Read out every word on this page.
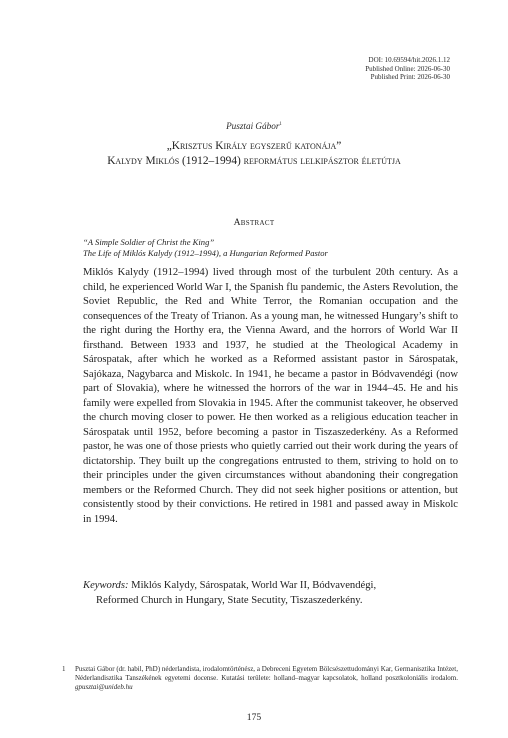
DOI: 10.69594/hit.2026.1.12
Published Online: 2026-06-30
Published Print: 2026-06-30
Pusztai Gábor$^1$
„Krisztus Király egyszerű katonája”
Kalydy Miklós (1912–1994) református lelkipásztor életútja
Abstract
“A Simple Soldier of Christ the King”
The Life of Miklós Kalydy (1912–1994), a Hungarian Reformed Pastor
Miklós Kalydy (1912–1994) lived through most of the turbulent 20th century. As a child, he experienced World War I, the Spanish flu pandemic, the Asters Revolution, the Soviet Republic, the Red and White Terror, the Romanian occupation and the consequences of the Treaty of Trianon. As a young man, he witnessed Hungary’s shift to the right during the Horthy era, the Vienna Award, and the horrors of World War II firsthand. Between 1933 and 1937, he studied at the Theological Academy in Sárospatak, after which he worked as a Reformed assistant pastor in Sárospatak, Sajókaza, Nagybarca and Miskolc. In 1941, he became a pastor in Bódvavendégi (now part of Slovakia), where he witnessed the horrors of the war in 1944–45. He and his family were expelled from Slovakia in 1945. After the communist takeover, he observed the church moving closer to power. He then worked as a religious education teacher in Sárospatak until 1952, before becoming a pastor in Tiszaszederkény. As a Reformed pastor, he was one of those priests who quietly carried out their work during the years of dictatorship. They built up the congregations entrusted to them, striving to hold on to their principles under the given circumstances without abandoning their congregation members or the Reformed Church. They did not seek higher positions or attention, but consistently stood by their convictions. He retired in 1981 and passed away in Miskolc in 1994.
Keywords: Miklós Kalydy, Sárospatak, World War II, Bódvavendégi,
Reformed Church in Hungary, State Secutity, Tiszaszederkény.
1 Pusztai Gábor (dr. habil, PhD) néderlandista, irodalomtörténész, a Debreceni Egyetem Bölcsészettudományi Kar, Germanisztika Intézet, Néderlandisztika Tanszékének egyetemi docense. Kutatási területe: holland–magyar kapcsolatok, holland posztkoloniális irodalom. gpusztai@unideb.hu
175
